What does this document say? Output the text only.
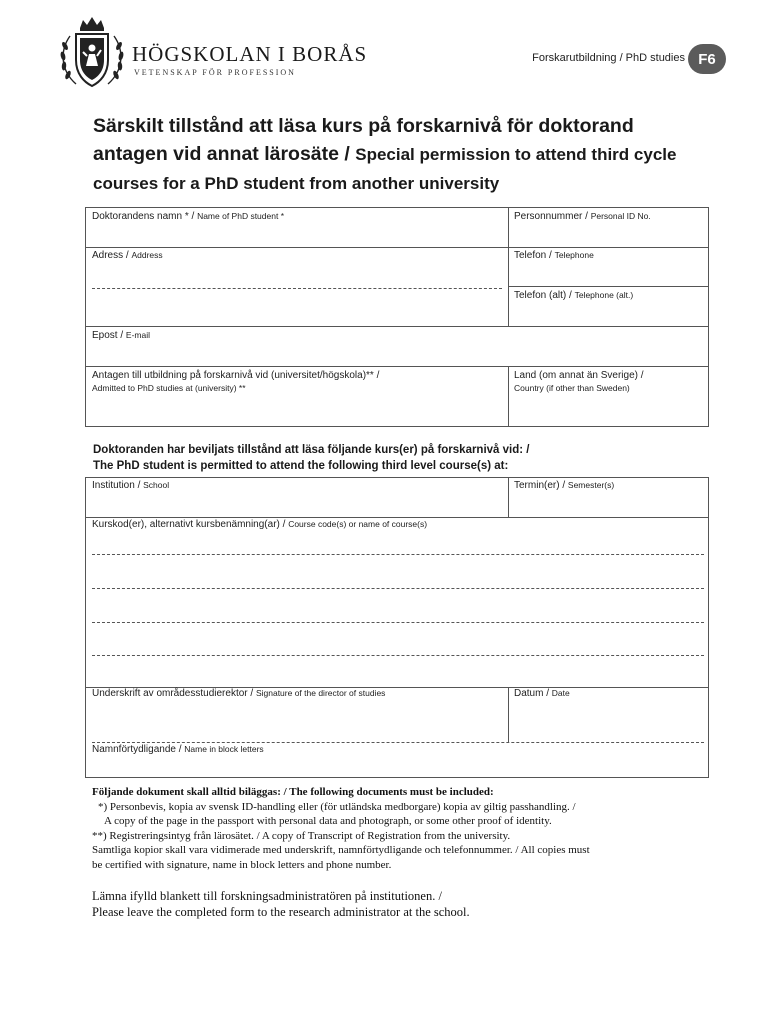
HÖGSKOLAN I BORÅS
VETENSKAP FÖR PROFESSION
Forskarutbildning / PhD studies F6
Särskilt tillstånd att läsa kurs på forskarnivå för doktorand antagen vid annat lärosäte / Special permission to attend third cycle courses for a PhD student from another university
Doktorandens namn * / Name of PhD student *	Personnummer / Personal ID No.
Adress / Address	Telefon / Telephone
Telefon (alt) / Telephone (alt.)
Epost / E-mail
Antagen till utbildning på forskarnivå vid (universitet/högskola)** /
Admitted to PhD studies at (university) **
Land (om annat än Sverige) /
Country (if other than Sweden)
Doktoranden har beviljats tillstånd att läsa följande kurs(er) på forskarnivå vid: /
The PhD student is permitted to attend the following third level course(s) at:
Institution / School	Termin(er) / Semester(s)
Kurskod(er), alternativt kursbenämning(ar) / Course code(s) or name of course(s)
Underskrift av områdesstudierektor / Signature of the director of studies	Datum / Date
Namnförtydligande / Name in block letters
Följande dokument skall alltid biläggas: / The following documents must be included:
*) Personbevis, kopia av svensk ID-handling eller (för utländska medborgare) kopia av giltig passhandling. /
A copy of the page in the passport with personal data and photograph, or some other proof of identity.
**) Registreringsintyg från lärosätet. / A copy of Transcript of Registration from the university.
Samtliga kopior skall vara vidimerade med underskrift, namnförtydligande och telefonnummer. / All copies must
be certified with signature, name in block letters and phone number.
Lämna ifylld blankett till forskningsadministratören på institutionen. /
Please leave the completed form to the research administrator at the school.
